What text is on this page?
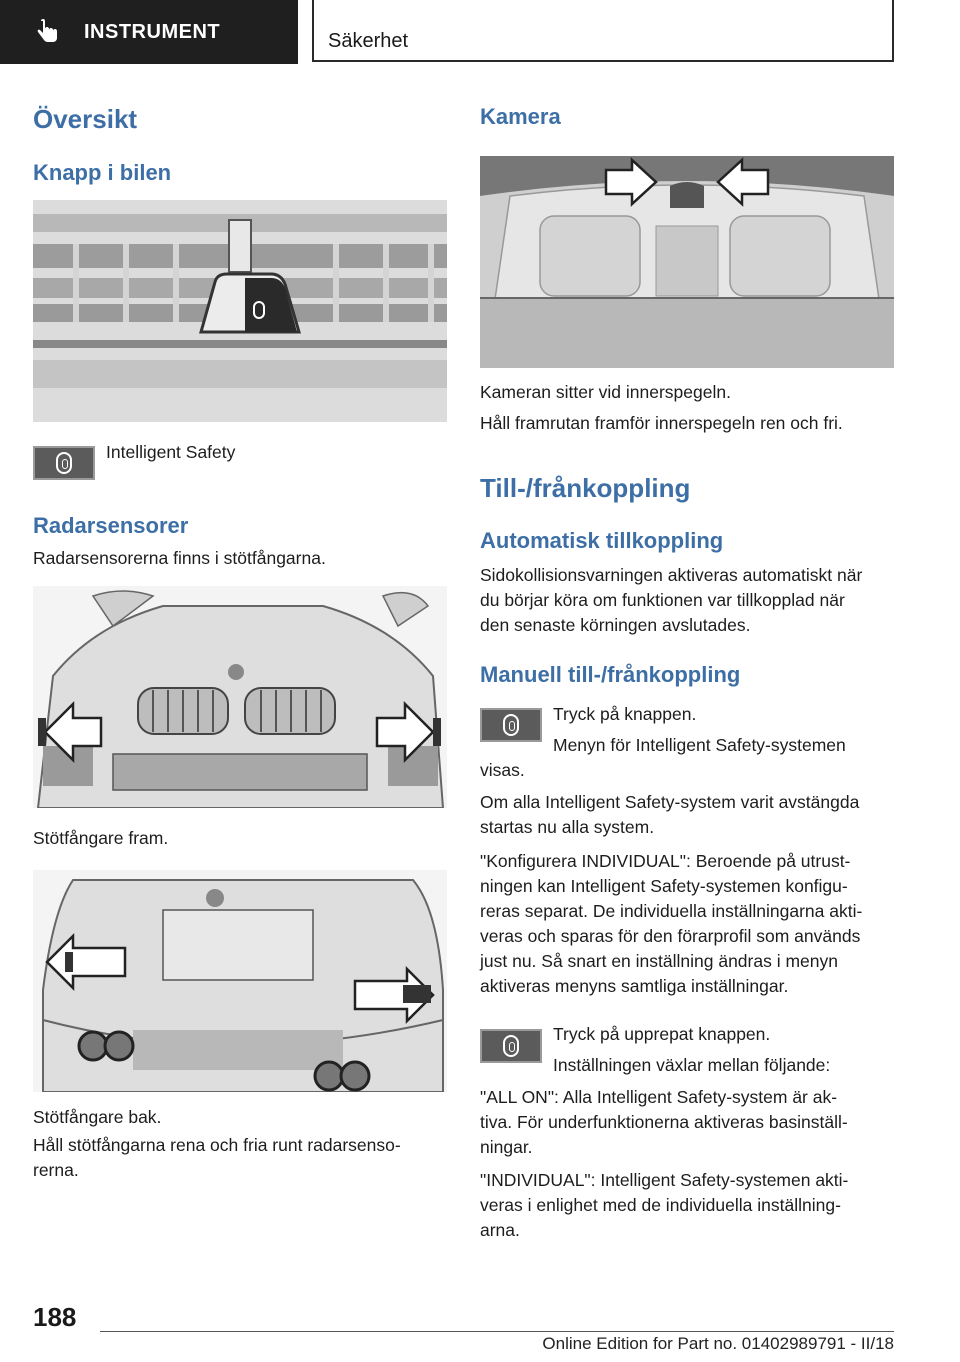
INSTRUMENT	Säkerhet
Översikt
Knapp i bilen
Intelligent Safety
Radarsensorer
Radarsensorerna finns i stötfångarna.
Stötfångare fram.
Stötfångare bak.
Håll stötfångarna rena och fria runt radarsenso‐
rerna.
Kamera
Kameran sitter vid innerspegeln.
Håll framrutan framför innerspegeln ren och fri.
Till-/frånkoppling
Automatisk tillkoppling
Sidokollisionsvarningen aktiveras automatiskt när
du börjar köra om funktionen var tillkopplad när
den senaste körningen avslutades.
Manuell till-/frånkoppling
Tryck på knappen.
Menyn för Intelligent Safety-systemen
visas.
Om alla Intelligent Safety-system varit avstängda
startas nu alla system.
"Konfigurera INDIVIDUAL": Beroende på utrust‐
ningen kan Intelligent Safety-systemen konfigu‐
reras separat. De individuella inställningarna akti‐
veras och sparas för den förarprofil som används
just nu. Så snart en inställning ändras i menyn
aktiveras menyns samtliga inställningar.
Tryck på upprepat knappen.
Inställningen växlar mellan följande:
"ALL ON": Alla Intelligent Safety-system är ak‐
tiva. För underfunktionerna aktiveras basinställ‐
ningar.
"INDIVIDUAL": Intelligent Safety-systemen akti‐
veras i enlighet med de individuella inställning‐
arna.
188
Online Edition for Part no. 01402989791 - II/18
